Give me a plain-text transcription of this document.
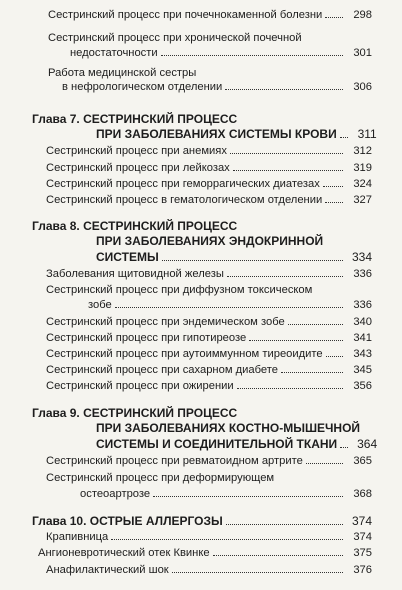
Сестринский процесс при почечнокаменной болезни	298
Сестринский процесс при хронической почечной
недостаточности	301
Работа медицинской сестры
в нефрологическом отделении	306
Глава 7. СЕСТРИНСКИЙ ПРОЦЕСС
ПРИ ЗАБОЛЕВАНИЯХ СИСТЕМЫ КРОВИ	311
Сестринский процесс при анемиях	312
Сестринский процесс при лейкозах	319
Сестринский процесс при геморрагических диатезах	324
Сестринский процесс в гематологическом отделении	327
Глава 8. СЕСТРИНСКИЙ ПРОЦЕСС
ПРИ ЗАБОЛЕВАНИЯХ ЭНДОКРИННОЙ
СИСТЕМЫ	334
Заболевания щитовидной железы	336
Сестринский процесс при диффузном токсическом
зобе	336
Сестринский процесс при эндемическом зобе	340
Сестринский процесс при гипотиреозе	341
Сестринский процесс при аутоиммунном тиреоидите	343
Сестринский процесс при сахарном диабете	345
Сестринский процесс при ожирении	356
Глава 9. СЕСТРИНСКИЙ ПРОЦЕСС
ПРИ ЗАБОЛЕВАНИЯХ КОСТНО-МЫШЕЧНОЙ
СИСТЕМЫ И СОЕДИНИТЕЛЬНОЙ ТКАНИ	364
Сестринский процесс при ревматоидном артрите	365
Сестринский процесс при деформирующем
остеоартрозе	368
Глава 10. ОСТРЫЕ АЛЛЕРГОЗЫ	374
Крапивница	374
Ангионевротический отек Квинке	375
Анафилактический шок	376
